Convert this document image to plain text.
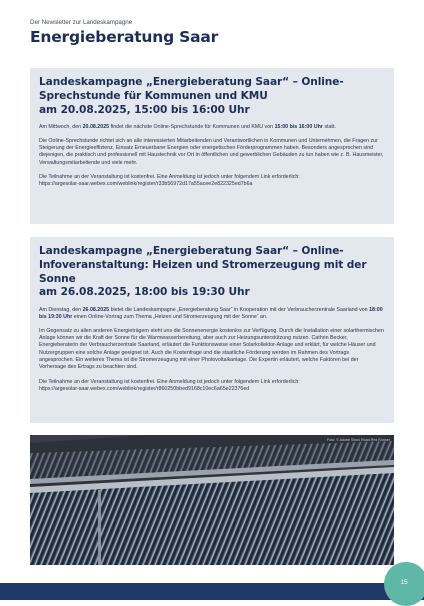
Der Newsletter zur Landeskampagne
Energieberatung Saar
Landeskampagne „Energieberatung Saar“ – Online-
Sprechstunde für Kommunen und KMU
am 20.08.2025, 15:00 bis 16:00 Uhr

Am Mittwoch, den 20.08.2025 findet die nächste Online-Sprechstunde für Kommunen und KMU von 15:00 bis 16:00 Uhr statt.

Die Online-Sprechstunde richtet sich an alle interessierten Mitarbeitenden und Verantwortlichen in Kommunen und Unternehmen, die Fragen zur Steigerung der Energieeffizienz, Einsatz Erneuerbarer Energien oder energetischen Förderprogrammen haben. Besonders angesprochen sind diejenigen, die praktisch und professionell mit Haustechnik vor Ort in öffentlichen und gewerblichen Gebäuden zu tun haben wie z. B. Hausmeister, Verwaltungsmitarbeitende und viele mehr.

Die Teilnahme an der Veranstaltung ist kostenfrei. Eine Anmeldung ist jedoch unter folgendem Link erforderlich:
https://argesolar-saar.webex.com/weblink/register/r33b56972d17a55acee2e822325ed7b6a

Landeskampagne „Energieberatung Saar“ – Online-
Infoveranstaltung: Heizen und Stromerzeugung mit der Sonne
am 26.08.2025, 18:00 bis 19:30 Uhr

Am Dienstag, den 26.08.2025 bietet die Landeskampagne „Energieberatung Saar“ in Kooperation mit der Verbraucherzentrale Saarland von 18:00 bis 19:30 Uhr einen Online-Vortrag zum Thema „Heizen und Stromerzeugung mit der Sonne“ an.

Im Gegensatz zu allen anderen Energieträgern steht uns die Sonnenenergie kostenlos zur Verfügung. Durch die Installation einer solarthermischen Anlage können wir die Kraft der Sonne für die Warmwasserbereitung, aber auch zur Heizungsunterstützung nutzen. Cathrin Becker, Energieberaterin der Verbraucherzentrale Saarland, erläutert die Funktionsweise einer Solarkollektor-Anlage und erklärt, für welche Häuser und Nutzergruppen eine solche Anlage geeignet ist. Auch die Kostenfrage und die staatliche Förderung werden im Rahmen des Vortrags angesprochen. Ein weiteres Thema ist die Stromerzeugung mit einer Photovoltaikanlage. Die Expertin erläutert, welche Faktoren bei der Vorhersage des Ertrags zu beachten sind.

Die Teilnahme an der Veranstaltung ist kostenfrei. Eine Anmeldung ist jedoch unter folgendem Link erforderlich:
https://argesolar-saar.webex.com/weblink/register/r860250bbed9168c10ec6a65e22376ed

Foto: © Adobe Stock Road Red Runner
15
